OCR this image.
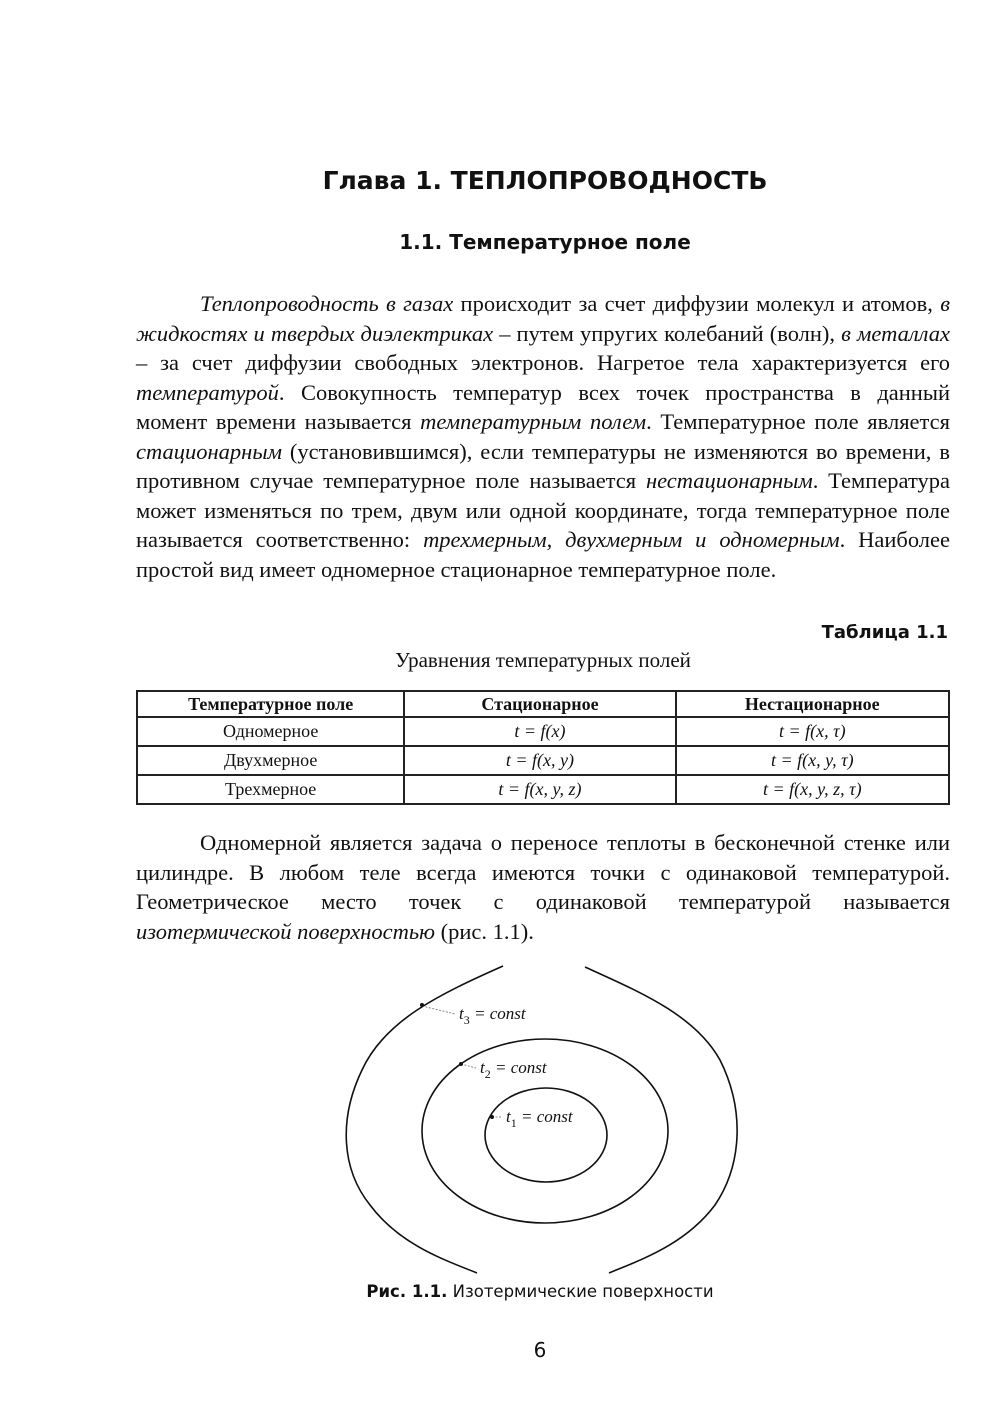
Глава 1. ТЕПЛОПРОВОДНОСТЬ
1.1. Температурное поле

Теплопроводность в газах происходит за счет диффузии молекул и атомов, в жидкостях и твердых диэлектриках – путем упругих колебаний (волн), в металлах – за счет диффузии свободных электронов. Нагретое тела характеризуется его температурой. Совокупность температур всех точек пространства в данный момент времени называется температурным полем. Температурное поле является стационарным (установившимся), если температуры не изменяются во времени, в противном случае температурное поле называется нестационарным. Температура может изменяться по трем, двум или одной координате, тогда температурное поле называется соответственно: трехмерным, двухмерным и одномерным. Наиболее простой вид имеет одномерное стационарное температурное поле.

Таблица 1.1
Уравнения температурных полей
Температурное поле	Стационарное	Нестационарное
Одномерное	t = f(x)	t = f(x, τ)
Двухмерное	t = f(x, y)	t = f(x, y, τ)
Трехмерное	t = f(x, y, z)	t = f(x, y, z, τ)

Одномерной является задача о переносе теплоты в бесконечной стенке или цилиндре. В любом теле всегда имеются точки с одинаковой температурой. Геометрическое место точек с одинаковой температурой называется изотермической поверхностью (рис. 1.1).

$t_3$ = const
$t_2$ = const
$t_1$ = const
Рис. 1.1. Изотермические поверхности
6
